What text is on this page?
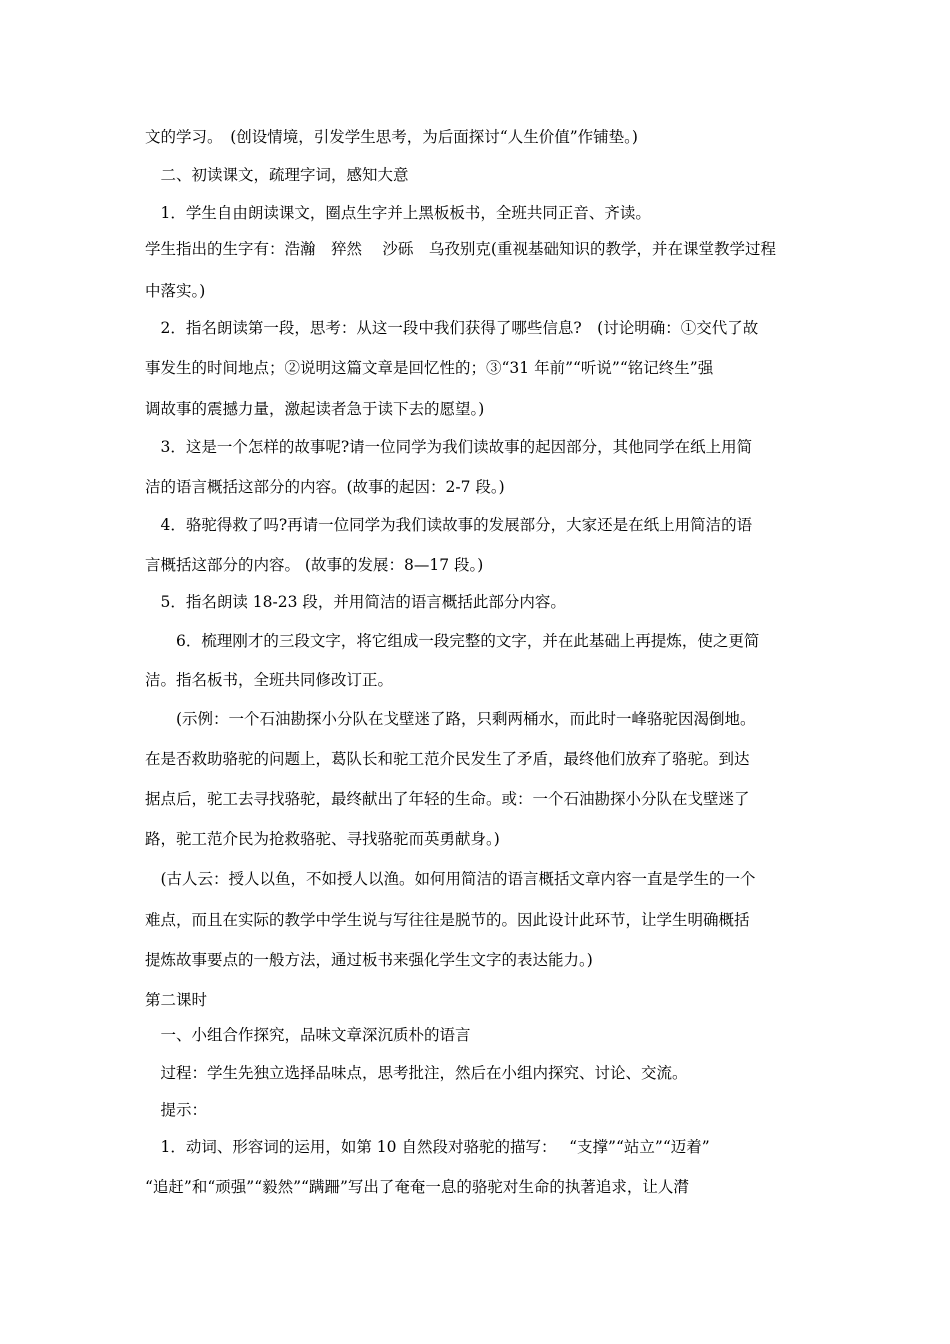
文的学习。　(创设情境，引发学生思考，为后面探讨“人生价值”作铺垫。)
　二、初读课文，疏理字词，感知大意
　1．学生自由朗读课文，圈点生字并上黑板板书，全班共同正音、齐读。
学生指出的生字有：浩瀚　猝然　 沙砾　乌孜别克(重视基础知识的教学，并在课堂教学过程
中落实。)
　2．指名朗读第一段，思考：从这一段中我们获得了哪些信息?　(讨论明确：①交代了故
事发生的时间地点；②说明这篇文章是回忆性的；③“31 年前”“听说”“铭记终生”强
调故事的震撼力量，激起读者急于读下去的愿望。)
　3．这是一个怎样的故事呢?请一位同学为我们读故事的起因部分，其他同学在纸上用简
洁的语言概括这部分的内容。(故事的起因：2-7 段。)
　4．骆驼得救了吗?再请一位同学为我们读故事的发展部分，大家还是在纸上用简洁的语
言概括这部分的内容。 (故事的发展：8—17 段。)
　5．指名朗读 18-23 段，并用简洁的语言概括此部分内容。
　　6．梳理刚才的三段文字，将它组成一段完整的文字，并在此基础上再提炼，使之更简
洁。指名板书，全班共同修改订正。
　　(示例：一个石油勘探小分队在戈壁迷了路，只剩两桶水，而此时一峰骆驼因渴倒地。
在是否救助骆驼的问题上，葛队长和驼工范介民发生了矛盾，最终他们放弃了骆驼。到达
据点后，驼工去寻找骆驼，最终献出了年轻的生命。或：一个石油勘探小分队在戈壁迷了
路，驼工范介民为抢救骆驼、寻找骆驼而英勇献身。)
　(古人云：授人以鱼，不如授人以渔。如何用简洁的语言概括文章内容一直是学生的一个
难点，而且在实际的教学中学生说与写往往是脱节的。因此设计此环节，让学生明确概括
提炼故事要点的一般方法，通过板书来强化学生文字的表达能力。)
第二课时
　一、小组合作探究，品味文章深沉质朴的语言
　过程：学生先独立选择品味点，思考批注，然后在小组内探究、讨论、交流。
　提示：
　1．动词、形容词的运用，如第 10 自然段对骆驼的描写：　 “支撑”“站立”“迈着”
“追赶”和“顽强”“毅然”“蹒跚”写出了奄奄一息的骆驼对生命的执著追求，让人潸
